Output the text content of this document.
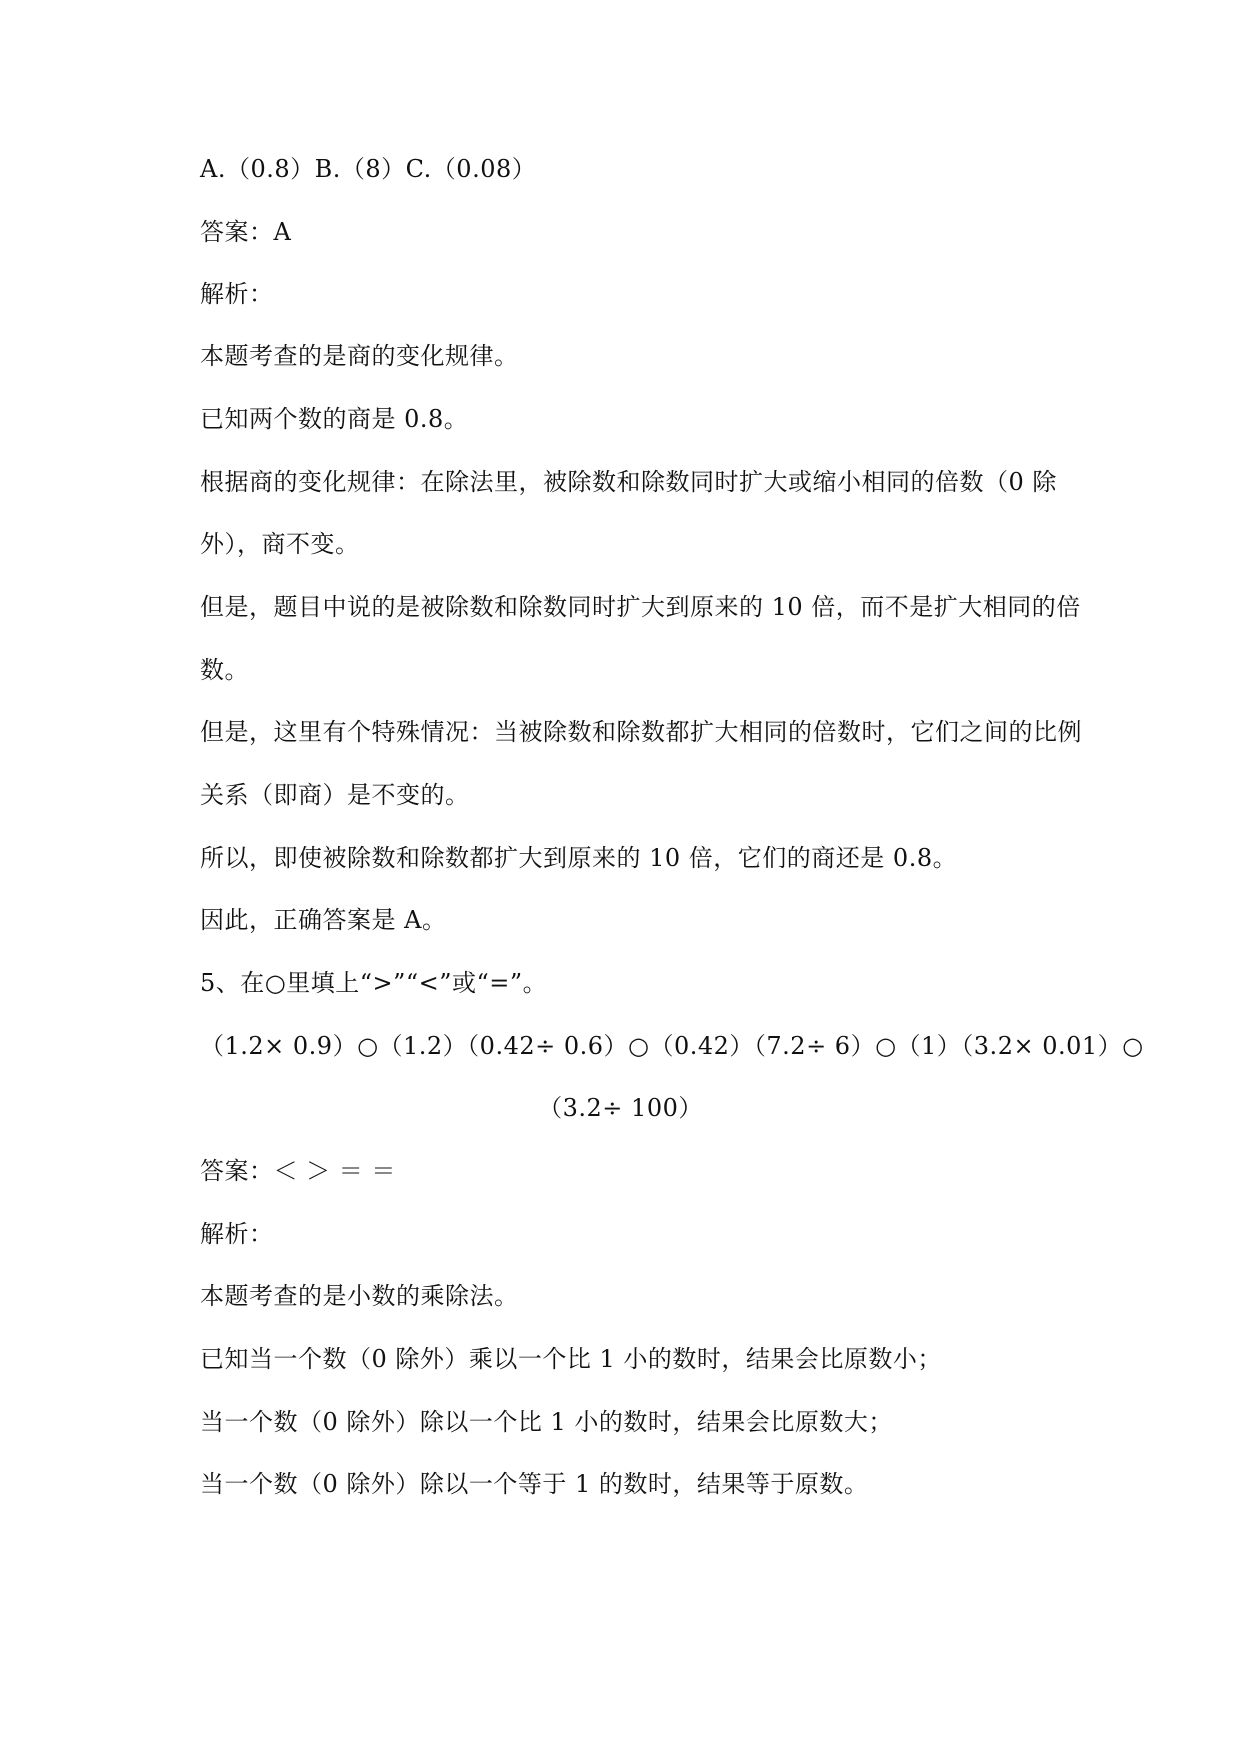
A.（0.8）B.（8）C.（0.08）
答案：A
解析：
本题考查的是商的变化规律。
已知两个数的商是 0.8。
根据商的变化规律：在除法里，被除数和除数同时扩大或缩小相同的倍数（0 除
外），商不变。
但是，题目中说的是被除数和除数同时扩大到原来的 10 倍，而不是扩大相同的倍
数。
但是，这里有个特殊情况：当被除数和除数都扩大相同的倍数时，它们之间的比例
关系（即商）是不变的。
所以，即使被除数和除数都扩大到原来的 10 倍，它们的商还是 0.8。
因此，正确答案是 A。
5、在○里填上“>”“<”或“=”。
（1.2× 0.9）○（1.2）（0.42÷ 0.6）○（0.42）（7.2÷ 6）○（1）（3.2× 0.01）○
（3.2÷ 100）
答案：＜ ＞ ＝ ＝
解析：
本题考查的是小数的乘除法。
已知当一个数（0 除外）乘以一个比 1 小的数时，结果会比原数小；
当一个数（0 除外）除以一个比 1 小的数时，结果会比原数大；
当一个数（0 除外）除以一个等于 1 的数时，结果等于原数。
